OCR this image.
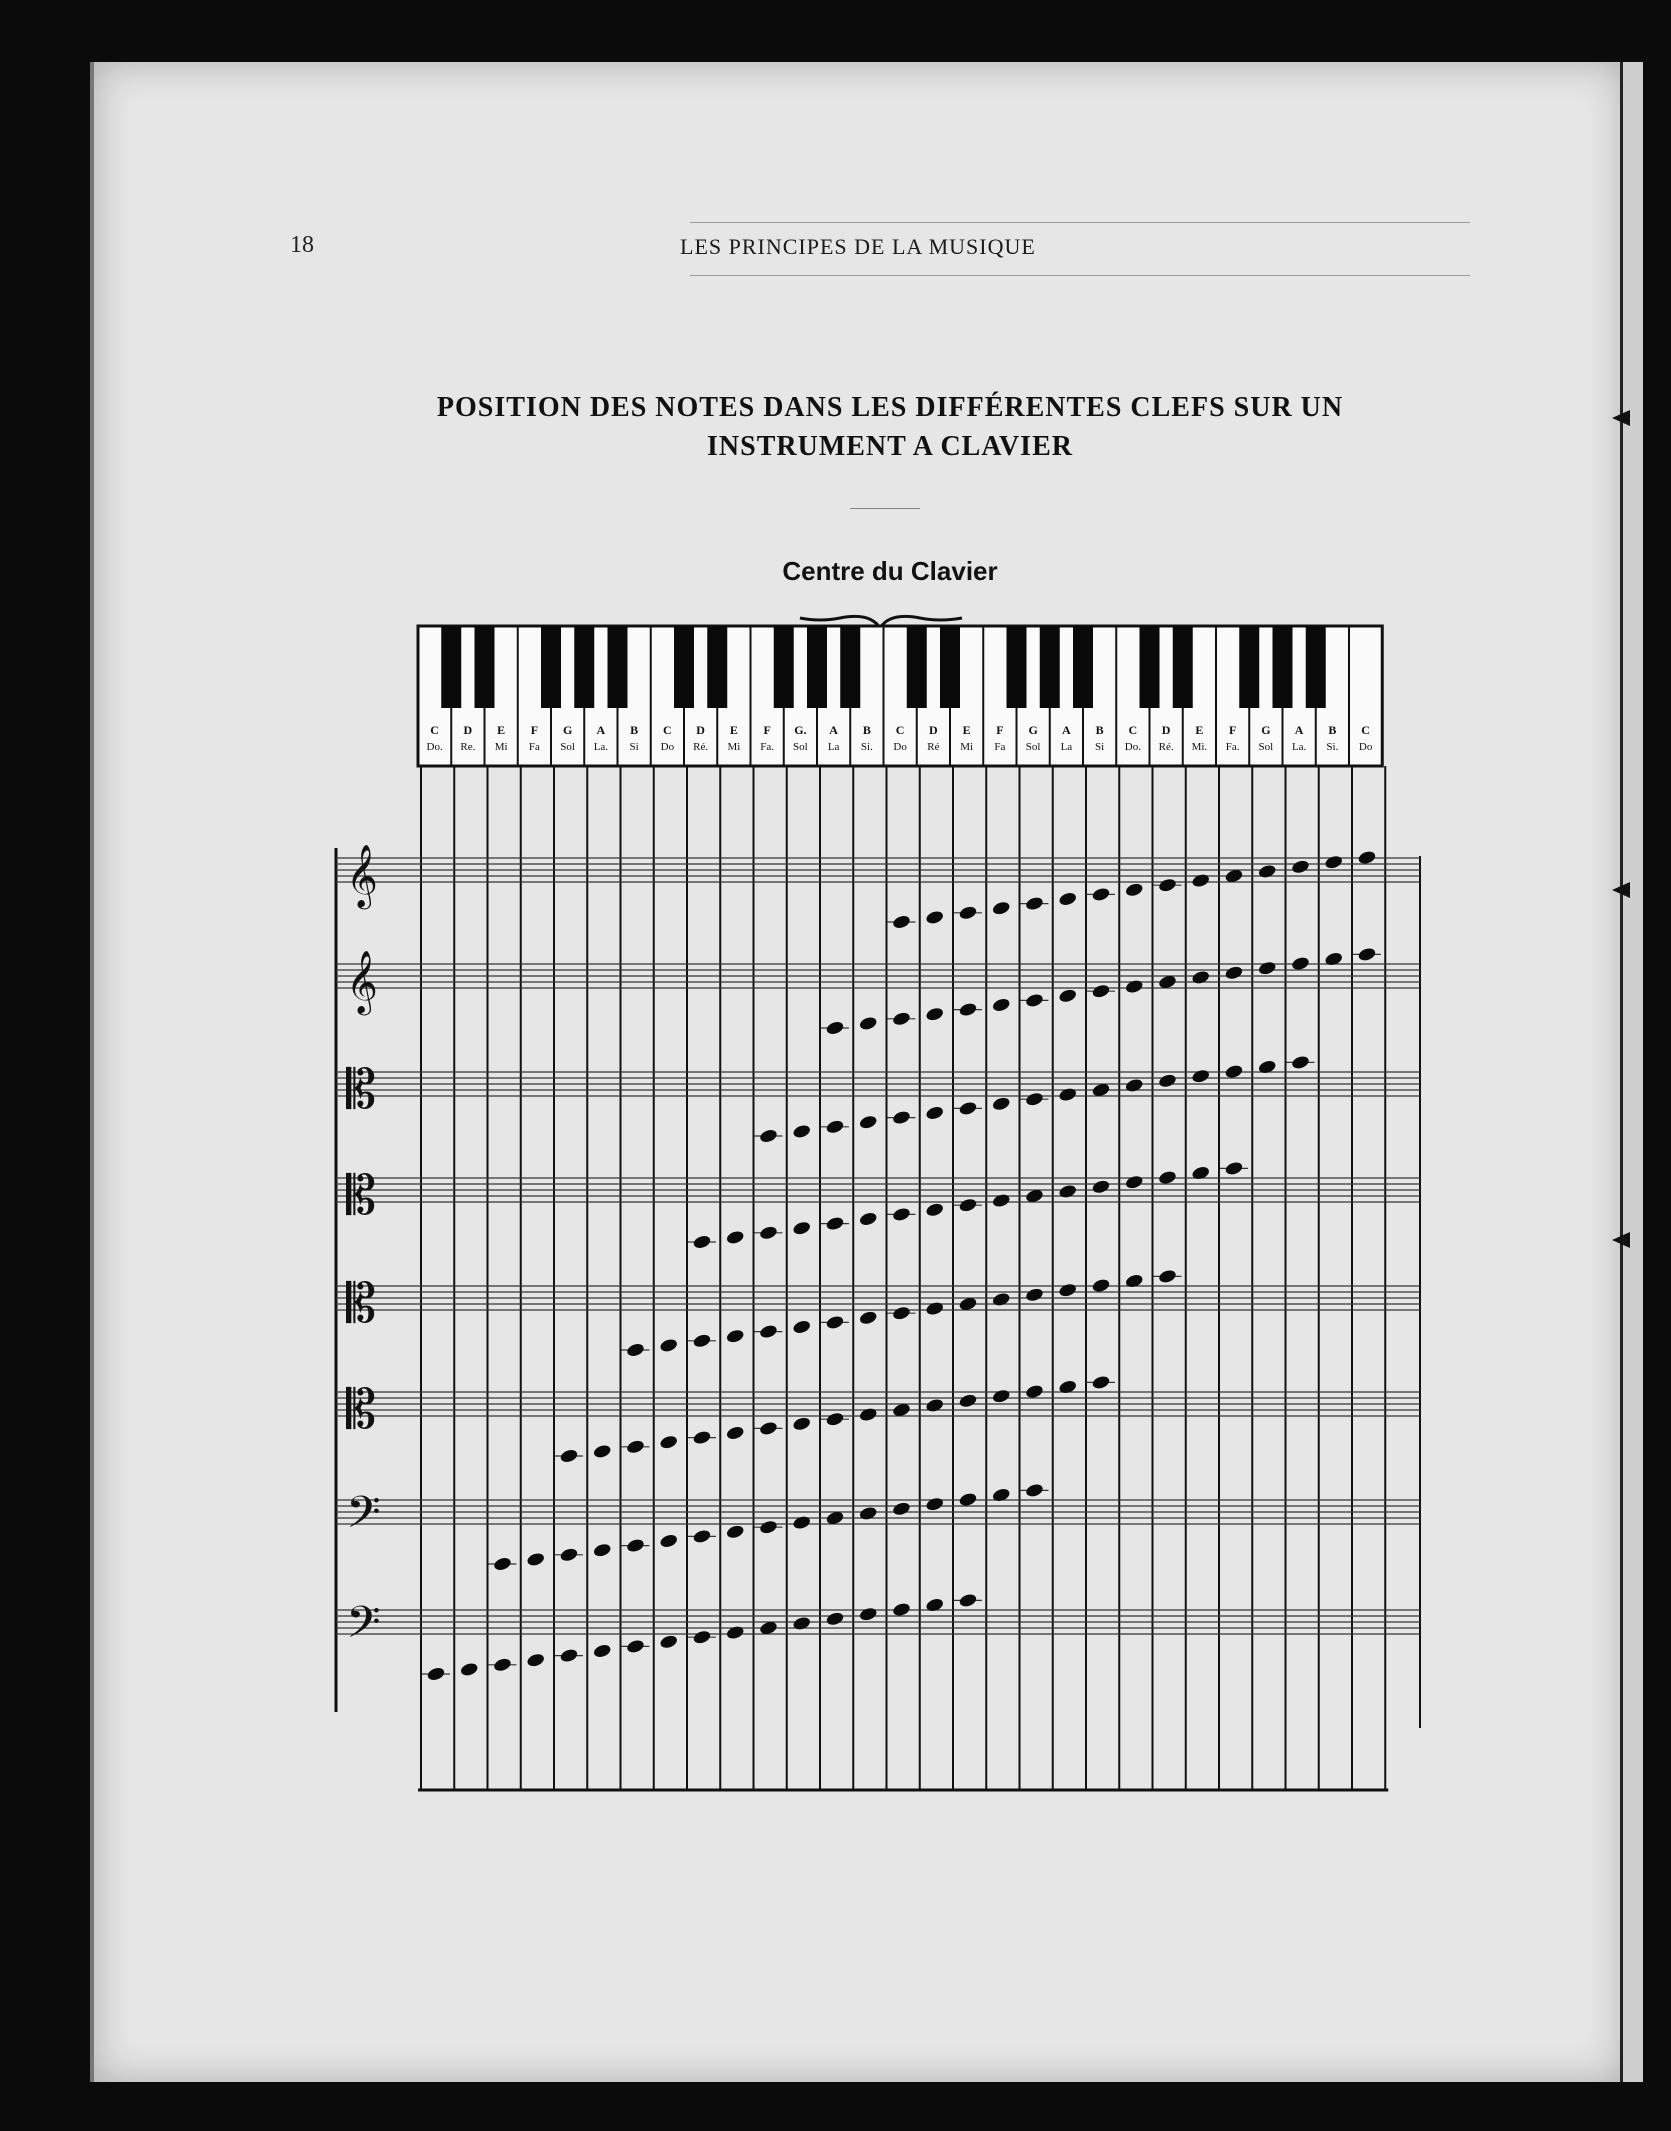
18	LES PRINCIPES DE LA MUSIQUE
POSITION DES NOTES DANS LES DIFFÉRENTES CLEFS SUR UN
INSTRUMENT A CLAVIER
Centre du Clavier
C
Do.
D
Re.
E
Mi
F
Fa
G
Sol
A
La.
B
Si
C
Do
D
Ré.
E
Mi
F
Fa.
G.
Sol
A
La
B
Si.
C
Do
D
Ré
E
Mi
F
Fa
G
Sol
A
La
B
Si
C
Do.
D
Ré.
E
Mi.
F
Fa.
G
Sol
A
La.
B
Si.
C
Do
𝄞
𝄞
𝄡
𝄡
𝄡
𝄡
𝄢
𝄢
